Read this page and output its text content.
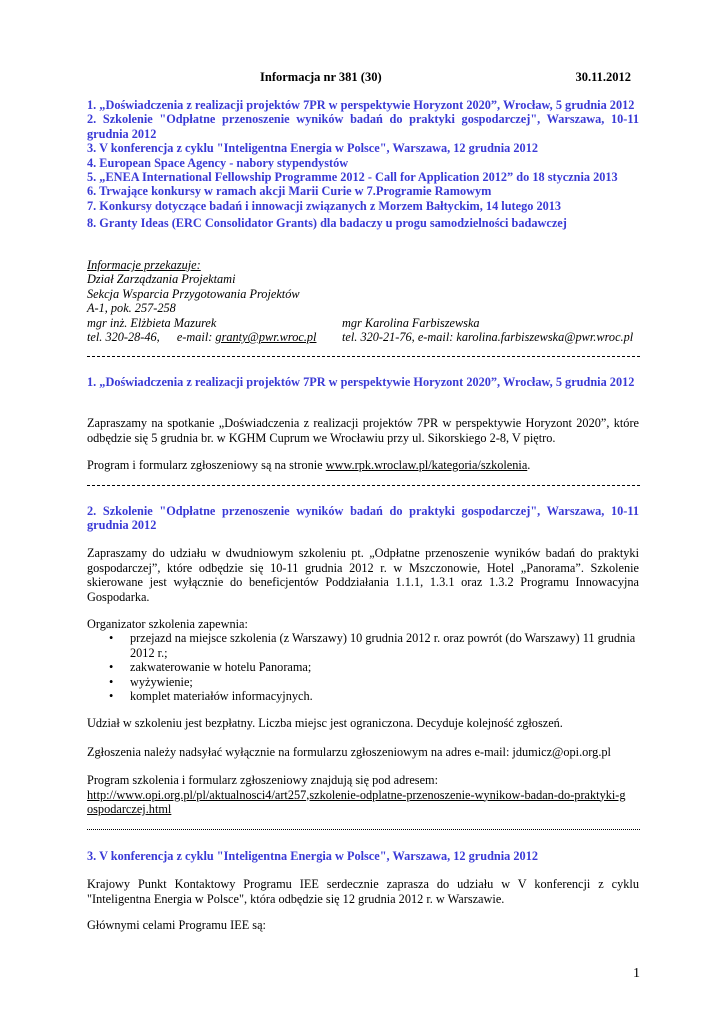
Informacja nr 381 (30)	30.11.2012
1. „Doświadczenia z realizacji projektów 7PR w perspektywie Horyzont 2020”, Wrocław, 5 grudnia 2012
2. Szkolenie "Odpłatne przenoszenie wyników badań do praktyki gospodarczej", Warszawa, 10-11 grudnia 2012
3. V konferencja z cyklu "Inteligentna Energia w Polsce", Warszawa, 12 grudnia 2012
4. European Space Agency - nabory stypendystów
5. „ENEA International Fellowship Programme 2012 - Call for Application 2012” do 18 stycznia 2013
6. Trwające konkursy w ramach akcji Marii Curie w 7.Programie Ramowym
7. Konkursy dotyczące badań i innowacji związanych z Morzem Bałtyckim, 14 lutego 2013
8. Granty Ideas (ERC Consolidator Grants) dla badaczy u progu samodzielności badawczej
Informacje przekazuje:
Dział Zarządzania Projektami
Sekcja Wsparcia Przygotowania Projektów
A-1, pok. 257-258
mgr inż. Elżbieta Mazurek	mgr Karolina Farbiszewska
tel. 320-28-46, e-mail: granty@pwr.wroc.pl tel. 320-21-76, e-mail: karolina.farbiszewska@pwr.wroc.pl
1. „Doświadczenia z realizacji projektów 7PR w perspektywie Horyzont 2020”, Wrocław, 5 grudnia 2012
Zapraszamy na spotkanie „Doświadczenia z realizacji projektów 7PR w perspektywie Horyzont 2020”, które odbędzie się 5 grudnia br. w KGHM Cuprum we Wrocławiu przy ul. Sikorskiego 2-8, V piętro.
Program i formularz zgłoszeniowy są na stronie www.rpk.wroclaw.pl/kategoria/szkolenia.
2. Szkolenie "Odpłatne przenoszenie wyników badań do praktyki gospodarczej", Warszawa, 10-11 grudnia 2012
Zapraszamy do udziału w dwudniowym szkoleniu pt. „Odpłatne przenoszenie wyników badań do praktyki gospodarczej”, które odbędzie się 10-11 grudnia 2012 r. w Mszczonowie, Hotel „Panorama”. Szkolenie skierowane jest wyłącznie do beneficjentów Poddziałania 1.1.1, 1.3.1 oraz 1.3.2 Programu Innowacyjna Gospodarka.
Organizator szkolenia zapewnia:
• przejazd na miejsce szkolenia (z Warszawy) 10 grudnia 2012 r. oraz powrót (do Warszawy) 11 grudnia 2012 r.;
• zakwaterowanie w hotelu Panorama;
• wyżywienie;
• komplet materiałów informacyjnych.
Udział w szkoleniu jest bezpłatny. Liczba miejsc jest ograniczona. Decyduje kolejność zgłoszeń.
Zgłoszenia należy nadsyłać wyłącznie na formularzu zgłoszeniowym na adres e-mail: jdumicz@opi.org.pl
Program szkolenia i formularz zgłoszeniowy znajdują się pod adresem:
http://www.opi.org.pl/pl/aktualnosci4/art257,szkolenie-odplatne-przenoszenie-wynikow-badan-do-praktyki-gospodarczej.html
3. V konferencja z cyklu "Inteligentna Energia w Polsce", Warszawa, 12 grudnia 2012
Krajowy Punkt Kontaktowy Programu IEE serdecznie zaprasza do udziału w V konferencji z cyklu "Inteligentna Energia w Polsce", która odbędzie się 12 grudnia 2012 r. w Warszawie.
Głównymi celami Programu IEE są:
1
